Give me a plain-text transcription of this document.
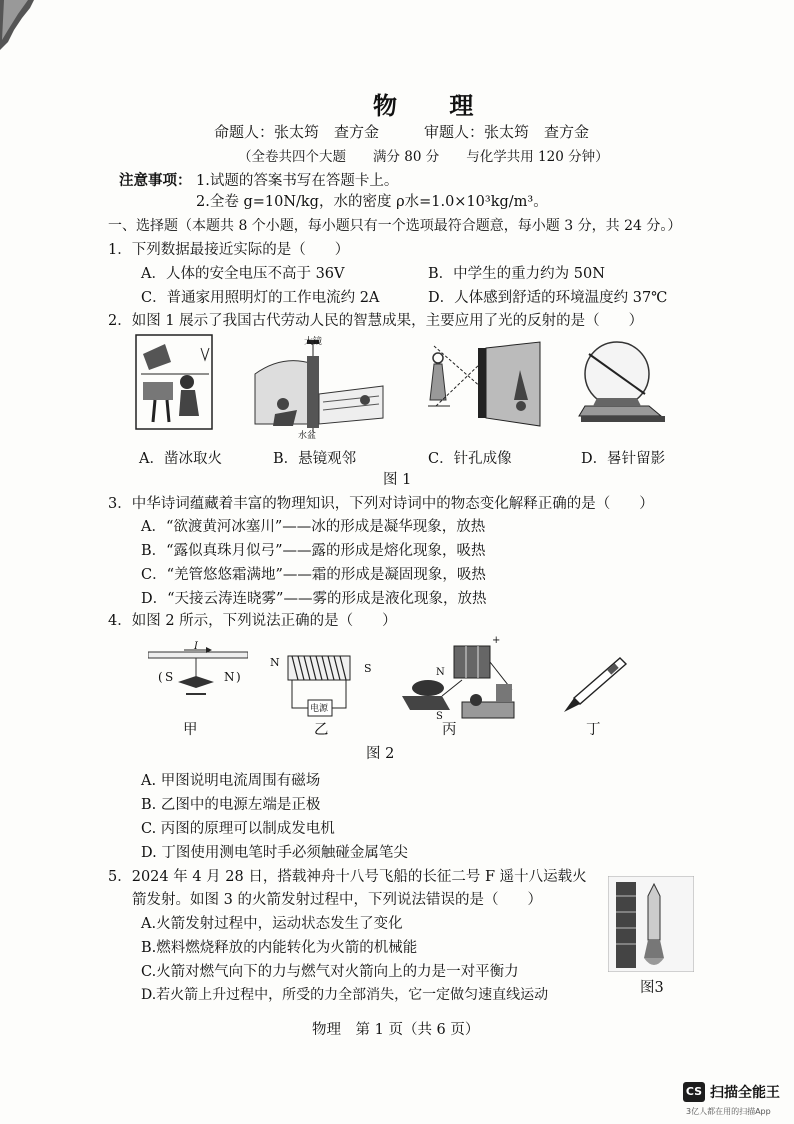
物 理
命题人：张太筠　查方金　　　审题人：张太筠　查方金
（全卷共四个大题　　满分 80 分　　与化学共用 120 分钟）
注意事项： 1.试题的答案书写在答题卡上。
2.全卷 g=10N/kg，水的密度 ρ水=1.0×10³kg/m³。
一、选择题（本题共 8 个小题，每小题只有一个选项最符合题意，每小题 3 分，共 24 分。）
1．下列数据最接近实际的是（　　）
A．人体的安全电压不高于 36V	B．中学生的重力约为 50N
C．普通家用照明灯的工作电流约 2A	D．人体感到舒适的环境温度约 37℃
2．如图 1 展示了我国古代劳动人民的智慧成果，主要应用了光的反射的是（　　）
大镜
水盆
A．凿冰取火	B．悬镜观邻	C．针孔成像	D．晷针留影
图 1
3．中华诗词蕴藏着丰富的物理知识，下列对诗词中的物态变化解释正确的是（　　）
A．“欲渡黄河冰塞川”——冰的形成是凝华现象，放热
B．“露似真珠月似弓”——露的形成是熔化现象，吸热
C．“羌管悠悠霜满地”——霜的形成是凝固现象，吸热
D．“天接云涛连晓雾”——雾的形成是液化现象，放热
4．如图 2 所示，下列说法正确的是（　　）
I
( S	N )
N	S
电源
N
S
+
甲	乙	丙	丁
图 2
A. 甲图说明电流周围有磁场
B. 乙图中的电源左端是正极
C. 丙图的原理可以制成发电机
D. 丁图使用测电笔时手必须触碰金属笔尖
5．2024 年 4 月 28 日，搭载神舟十八号飞船的长征二号 F 遥十八运载火
箭发射。如图 3 的火箭发射过程中，下列说法错误的是（　　）
A.火箭发射过程中，运动状态发生了变化
B.燃料燃烧释放的内能转化为火箭的机械能
C.火箭对燃气向下的力与燃气对火箭向上的力是一对平衡力
D.若火箭上升过程中，所受的力全部消失，它一定做匀速直线运动	图3
物理　第 1 页（共 6 页）
CS 扫描全能王
3亿人都在用的扫描App
